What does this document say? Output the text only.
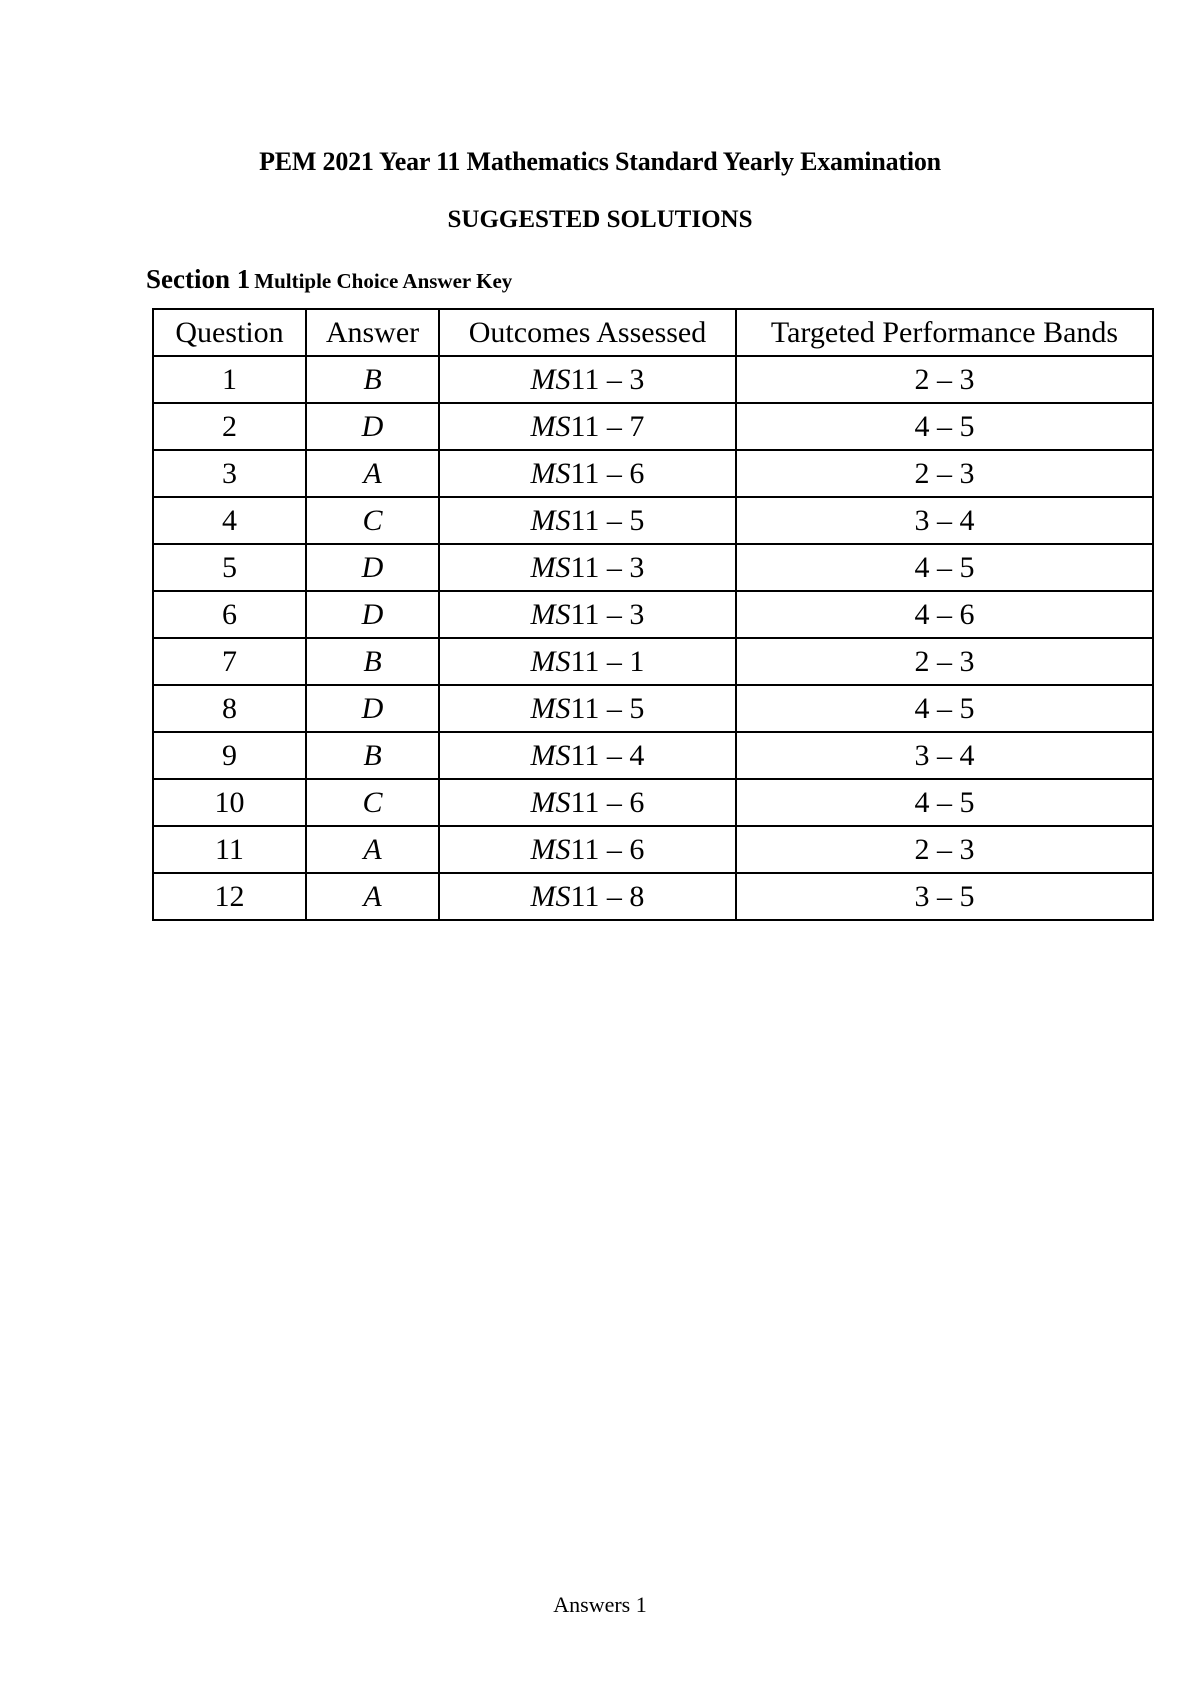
PEM 2021 Year 11 Mathematics Standard Yearly Examination
SUGGESTED SOLUTIONS
Section 1 Multiple Choice Answer Key
Question	Answer	Outcomes Assessed	Targeted Performance Bands
1	B	MS11 – 3	2 – 3
2	D	MS11 – 7	4 – 5
3	A	MS11 – 6	2 – 3
4	C	MS11 – 5	3 – 4
5	D	MS11 – 3	4 – 5
6	D	MS11 – 3	4 – 6
7	B	MS11 – 1	2 – 3
8	D	MS11 – 5	4 – 5
9	B	MS11 – 4	3 – 4
10	C	MS11 – 6	4 – 5
11	A	MS11 – 6	2 – 3
12	A	MS11 – 8	3 – 5
Answers 1
